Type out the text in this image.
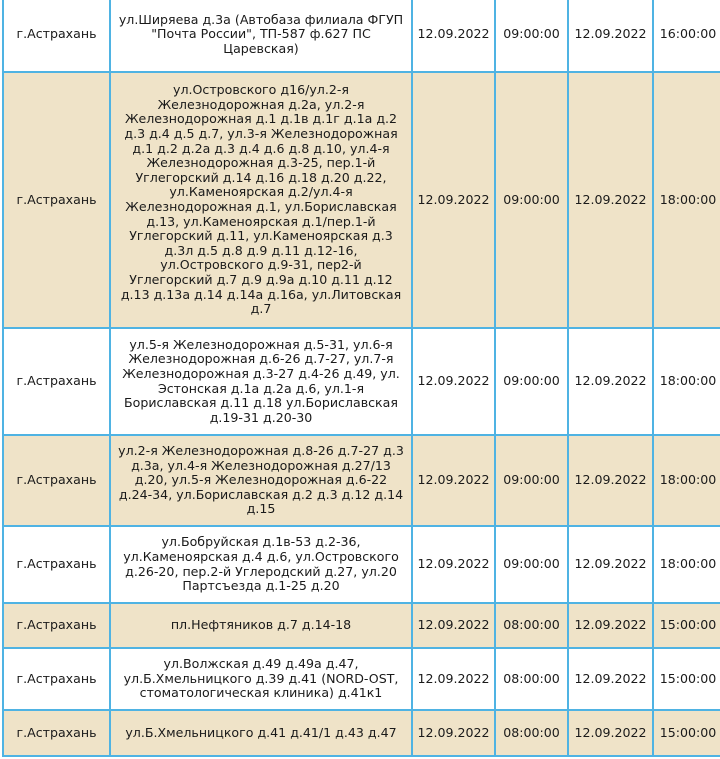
г.Астрахань	ул.Ширяева д.3а (Автобаза филиала ФГУП "Почта России", ТП-587 ф.627 ПС Царевская)	12.09.2022	09:00:00	12.09.2022	16:00:00
г.Астрахань	ул.Островского д16/ул.2-я Железнодорожная д.2а, ул.2-я Железнодорожная д.1 д.1в д.1г д.1а д.2 д.3 д.4 д.5 д.7, ул.3-я Железнодорожная д.1 д.2 д.2а д.3 д.4 д.6 д.8 д.10, ул.4-я Железнодорожная д.3-25, пер.1-й Углегорский д.14 д.16 д.18 д.20 д.22, ул.Каменоярская д.2/ул.4-я Железнодорожная д.1, ул.Бориславская д.13, ул.Каменоярская д.1/пер.1-й Углегорский д.11, ул.Каменоярская д.3 д.3л д.5 д.8 д.9 д.11 д.12-16, ул.Островского д.9-31, пер2-й Углегорский д.7 д.9 д.9а д.10 д.11 д.12 д.13 д.13а д.14 д.14а д.16а, ул.Литовская д.7	12.09.2022	09:00:00	12.09.2022	18:00:00
г.Астрахань	ул.5-я Железнодорожная д.5-31, ул.6-я Железнодорожная д.6-26 д.7-27, ул.7-я Железнодорожная д.3-27 д.4-26 д.49, ул. Эстонская д.1а д.2а д.6, ул.1-я Бориславская д.11 д.18 ул.Бориславская д.19-31 д.20-30	12.09.2022	09:00:00	12.09.2022	18:00:00
г.Астрахань	ул.2-я Железнодорожная д.8-26 д.7-27 д.3 д.3а, ул.4-я Железнодорожная д.27/13 д.20, ул.5-я Железнодорожная д.6-22 д.24-34, ул.Бориславская д.2 д.3 д.12 д.14 д.15	12.09.2022	09:00:00	12.09.2022	18:00:00
г.Астрахань	ул.Бобруйская д.1в-53 д.2-36, ул.Каменоярская д.4 д.6, ул.Островского д.26-20, пер.2-й Углеродский д.27, ул.20 Партсъезда д.1-25 д.20	12.09.2022	09:00:00	12.09.2022	18:00:00
г.Астрахань	пл.Нефтяников д.7 д.14-18	12.09.2022	08:00:00	12.09.2022	15:00:00
г.Астрахань	ул.Волжская д.49 д.49а д.47, ул.Б.Хмельницкого д.39 д.41 (NORD-OST, стоматологическая клиника) д.41к1	12.09.2022	08:00:00	12.09.2022	15:00:00
г.Астрахань	ул.Б.Хмельницкого д.41 д.41/1 д.43 д.47	12.09.2022	08:00:00	12.09.2022	15:00:00
